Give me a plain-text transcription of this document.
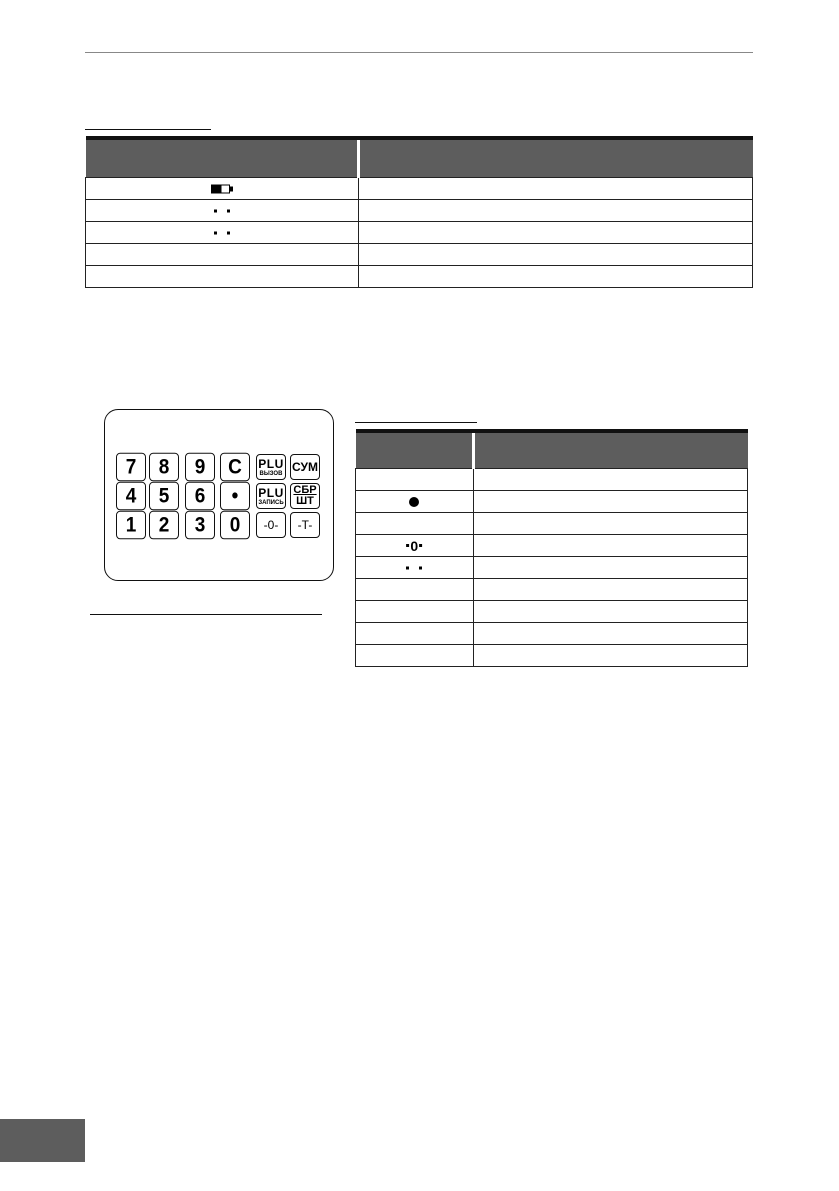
7	8	9	C	PLU
ВЫЗОВ СУМ
4	5	6	•	PLU
ЗАПИСЬ
СБР
ШТ
1	2	3	0	-0- -T-

0	
